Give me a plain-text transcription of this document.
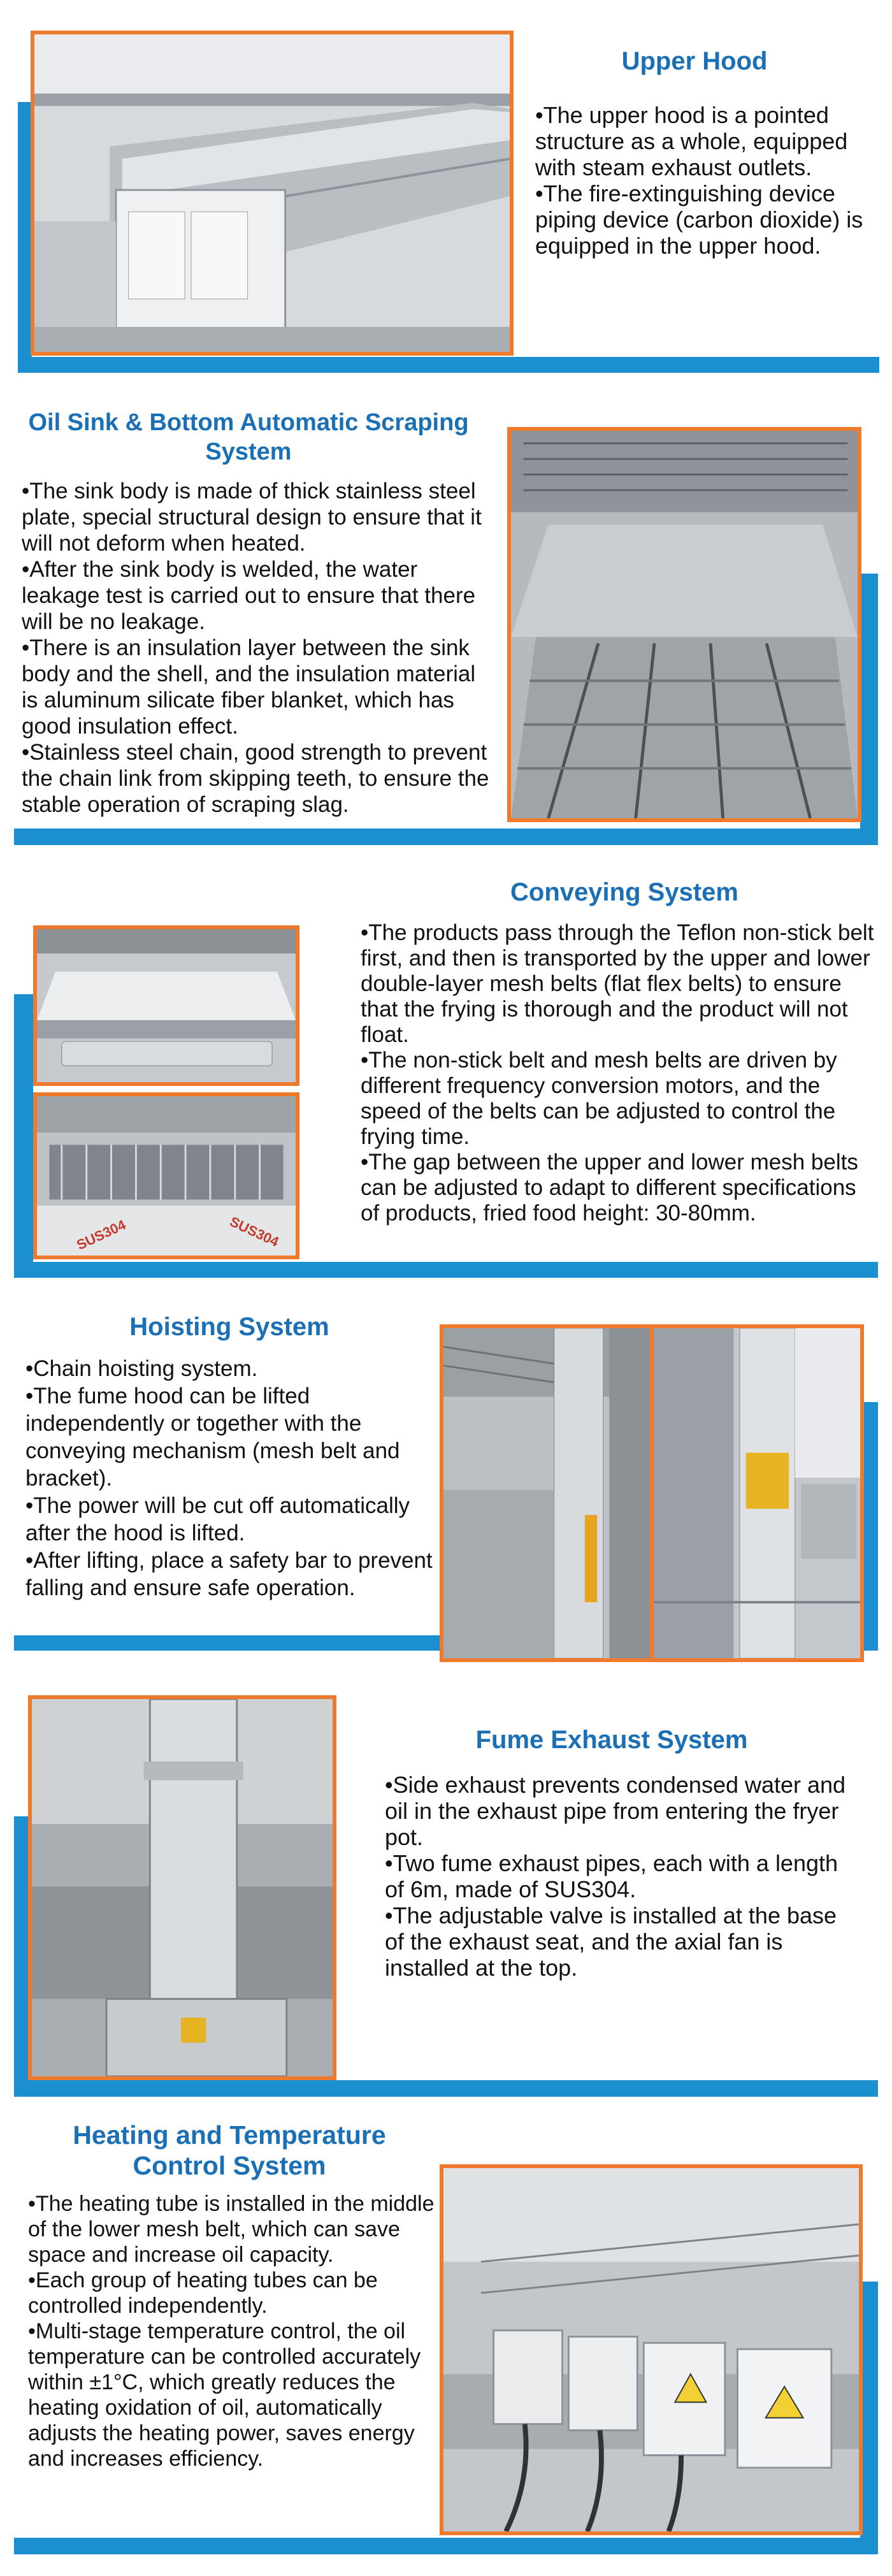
Upper Hood
• The upper hood is a pointed structure as a whole, equipped with steam exhaust outlets.
• The fire-extinguishing device piping device (carbon dioxide) is equipped in the upper hood.
Oil Sink & Bottom Automatic Scraping System
• The sink body is made of thick stainless steel plate, special structural design to ensure that it will not deform when heated.
• After the sink body is welded, the water leakage test is carried out to ensure that there will be no leakage.
• There is an insulation layer between the sink body and the shell, and the insulation material is aluminum silicate fiber blanket, which has good insulation effect.
• Stainless steel chain, good strength to prevent the chain link from skipping teeth, to ensure the stable operation of scraping slag.
SUS304	SUS304
Conveying System
• The products pass through the Teflon non-stick belt first, and then is transported by the upper and lower double-layer mesh belts (flat flex belts) to ensure that the frying is thorough and the product will not float.
• The non-stick belt and mesh belts are driven by different frequency conversion motors, and the speed of the belts can be adjusted to control the frying time.
• The gap between the upper and lower mesh belts can be adjusted to adapt to different specifications of products, fried food height: 30-80mm.
Hoisting System
• Chain hoisting system.
• The fume hood can be lifted independently or together with the conveying mechanism (mesh belt and bracket).
• The power will be cut off automatically after the hood is lifted.
• After lifting, place a safety bar to prevent falling and ensure safe operation.
Fume Exhaust System
• Side exhaust prevents condensed water and oil in the exhaust pipe from entering the fryer pot.
• Two fume exhaust pipes, each with a length of 6m, made of SUS304.
• The adjustable valve is installed at the base of the exhaust seat, and the axial fan is installed at the top.
Heating and Temperature Control System
• The heating tube is installed in the middle of the lower mesh belt, which can save space and increase oil capacity.
• Each group of heating tubes can be controlled independently.
• Multi-stage temperature control, the oil temperature can be controlled accurately within ±1°C, which greatly reduces the heating oxidation of oil, automatically adjusts the heating power, saves energy and increases efficiency.
